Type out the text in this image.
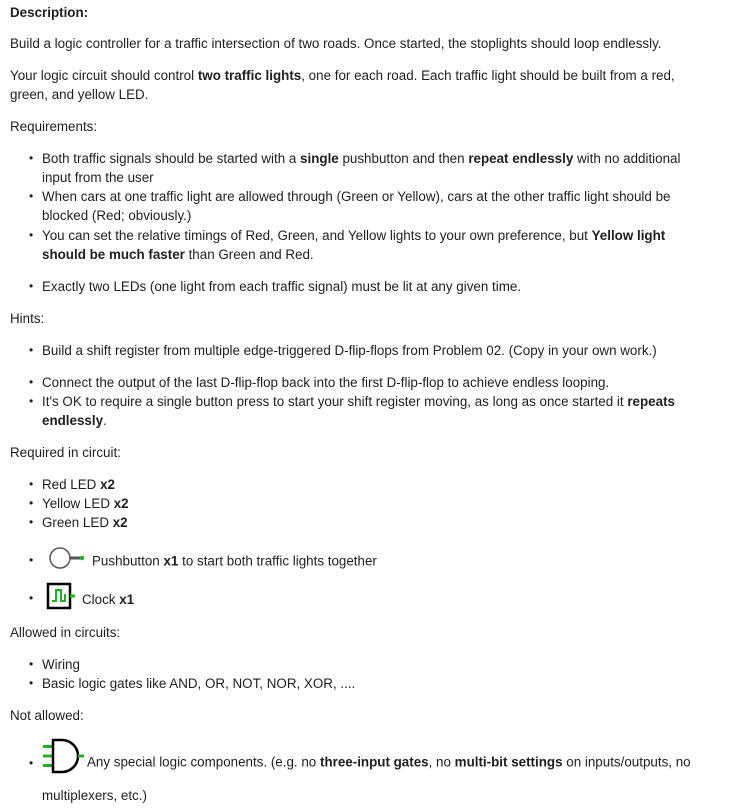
Description:
Build a logic controller for a traffic intersection of two roads. Once started, the stoplights should loop endlessly.
Your logic circuit should control two traffic lights, one for each road. Each traffic light should be built from a red,
green, and yellow LED.
Requirements:
• Both traffic signals should be started with a single pushbutton and then repeat endlessly with no additional
input from the user
• When cars at one traffic light are allowed through (Green or Yellow), cars at the other traffic light should be
blocked (Red; obviously.)
• You can set the relative timings of Red, Green, and Yellow lights to your own preference, but Yellow light
should be much faster than Green and Red.
• Exactly two LEDs (one light from each traffic signal) must be lit at any given time.
Hints:
• Build a shift register from multiple edge-triggered D-flip-flops from Problem 02. (Copy in your own work.)
• Connect the output of the last D-flip-flop back into the first D-flip-flop to achieve endless looping.
• It's OK to require a single button press to start your shift register moving, as long as once started it repeats
endlessly.
Required in circuit:
• Red LED x2
• Yellow LED x2
• Green LED x2
•	Pushbutton x1 to start both traffic lights together
•	Clock x1
Allowed in circuits:
• Wiring
• Basic logic gates like AND, OR, NOT, NOR, XOR, ....
Not allowed:
•	Any special logic components. (e.g. no three-input gates, no multi-bit settings on inputs/outputs, no
multiplexers, etc.)
